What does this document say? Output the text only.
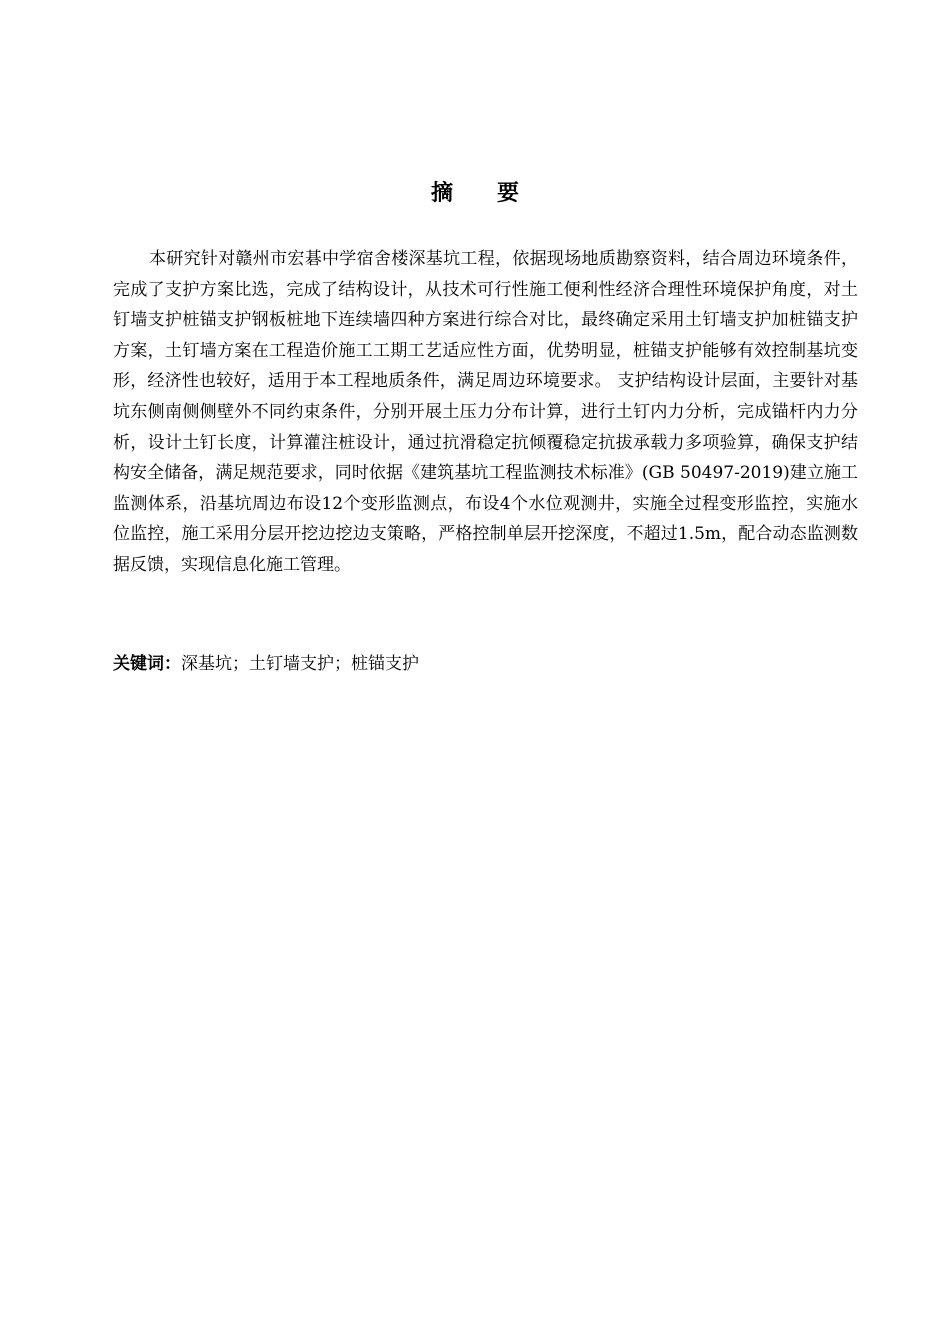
摘要

本研究针对赣州市宏碁中学宿舍楼深基坑工程，依据现场地质勘察资料，结合周边环境条件，完成了支护方案比选，完成了结构设计，从技术可行性施工便利性经济合理性环境保护角度，对土钉墙支护桩锚支护钢板桩地下连续墙四种方案进行综合对比，最终确定采用土钉墙支护加桩锚支护方案，土钉墙方案在工程造价施工工期工艺适应性方面，优势明显，桩锚支护能够有效控制基坑变形，经济性也较好，适用于本工程地质条件，满足周边环境要求。 支护结构设计层面，主要针对基坑东侧南侧侧壁外不同约束条件，分别开展土压力分布计算，进行土钉内力分析，完成锚杆内力分析，设计土钉长度，计算灌注桩设计，通过抗滑稳定抗倾覆稳定抗拔承载力多项验算，确保支护结构安全储备，满足规范要求，同时依据《建筑基坑工程监测技术标准》(GB 50497-2019)建立施工监测体系，沿基坑周边布设12个变形监测点，布设4个水位观测井，实施全过程变形监控，实施水位监控，施工采用分层开挖边挖边支策略，严格控制单层开挖深度，不超过1.5m，配合动态监测数据反馈，实现信息化施工管理。

关键词：深基坑；土钉墙支护；桩锚支护
